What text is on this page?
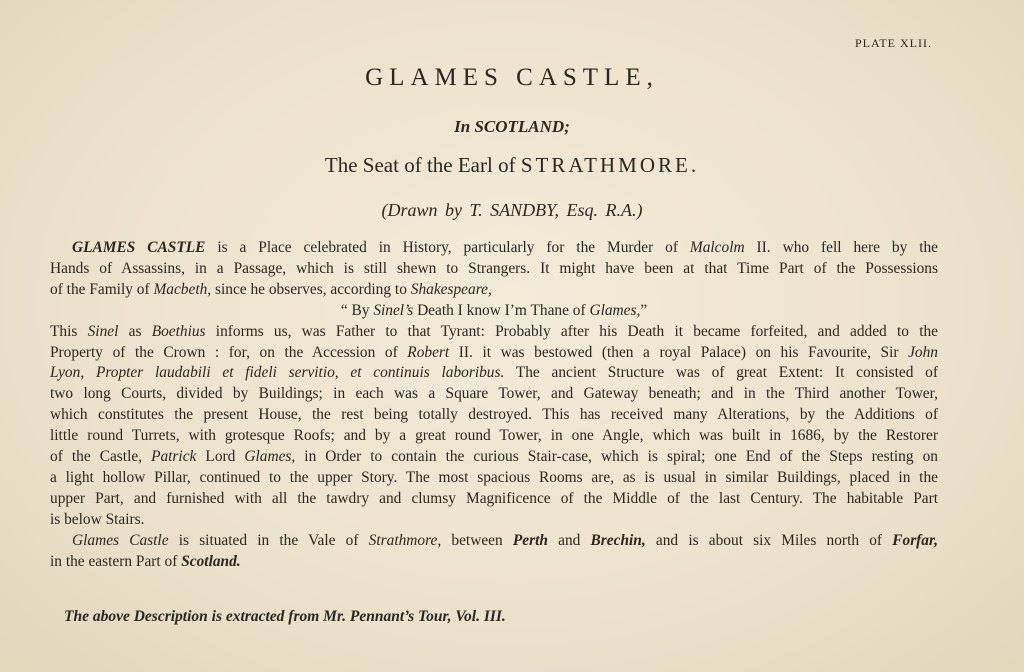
PLATE XLII.
GLAMES CASTLE,
In SCOTLAND;
The Seat of the Earl of STRATHMORE.
(Drawn by T. SANDBY, Esq. R.A.)
GLAMES CASTLE is a Place celebrated in History, particularly for the Murder of Malcolm II. who fell here by the
Hands of Assassins, in a Passage, which is still shewn to Strangers. It might have been at that Time Part of the Possessions
of the Family of Macbeth, since he observes, according to Shakespeare,
“ By Sinel’s Death I know I’m Thane of Glames,”
This Sinel as Boethius informs us, was Father to that Tyrant: Probably after his Death it became forfeited, and added to the
Property of the Crown : for, on the Accession of Robert II. it was bestowed (then a royal Palace) on his Favourite, Sir John
Lyon, Propter laudabili et fideli servitio, et continuis laboribus. The ancient Structure was of great Extent: It consisted of
two long Courts, divided by Buildings; in each was a Square Tower, and Gateway beneath; and in the Third another Tower,
which constitutes the present House, the rest being totally destroyed. This has received many Alterations, by the Additions of
little round Turrets, with grotesque Roofs; and by a great round Tower, in one Angle, which was built in 1686, by the Restorer
of the Castle, Patrick Lord Glames, in Order to contain the curious Stair-case, which is spiral; one End of the Steps resting on
a light hollow Pillar, continued to the upper Story. The most spacious Rooms are, as is usual in similar Buildings, placed in the
upper Part, and furnished with all the tawdry and clumsy Magnificence of the Middle of the last Century. The habitable Part
is below Stairs.
Glames Castle is situated in the Vale of Strathmore, between Perth and Brechin, and is about six Miles north of Forfar,
in the eastern Part of Scotland.
The above Description is extracted from Mr. Pennant’s Tour, Vol. III.
